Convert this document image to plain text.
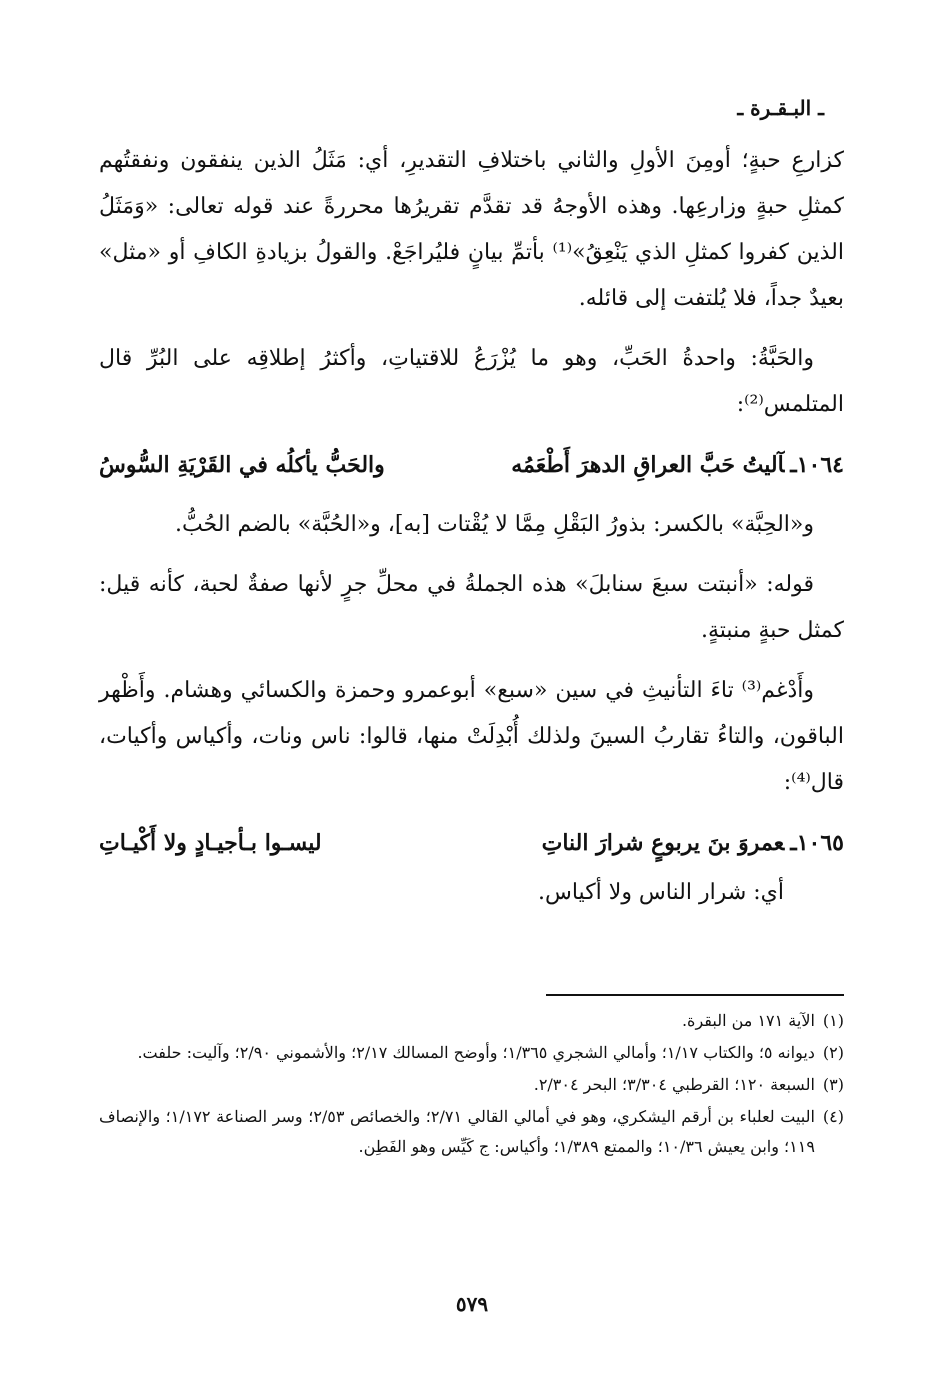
ـ البـقـرة ـ

كزارعِ حبةٍ؛ أومِنَ الأولِ والثاني باختلافِ التقديرِ، أي: مَثَلُ الذين ينفقون ونفقتُهم كمثلِ حبةٍ وزارعِها. وهذه الأوجهُ قد تقدَّم تقريرُها محررةً عند قوله تعالى: «وَمَثَلُ الذين كفروا كمثلِ الذي يَنْعِقُ»⁽¹⁾ بأتمِّ بيانٍ فليُراجَعْ. والقولُ بزيادةِ الكافِ أو «مثل» بعيدٌ جداً، فلا يُلتفت إلى قائله.

والحَبَّةُ: واحدةُ الحَبِّ، وهو ما يُزْرَعُ للاقتياتِ، وأكثرُ إطلاقِه على البُرِّ قال المتلمس⁽²⁾:

١٠٦٤ـآليتُ حَبَّ العراقِ الدهرَ أَطْعَمُه
والحَبُّ يأكلُه في القَرْيَةِ السُّوسُ

و«الحِبَّة» بالكسر: بذورُ البَقْلِ مِمَّا لا يُقْتات [به]، و«الحُبَّة» بالضم الحُبُّ.

قوله: «أنبتت سبعَ سنابلَ» هذه الجملةُ في محلِّ جرٍ لأنها صفةٌ لحبة، كأنه قيل: كمثل حبةٍ منبتةٍ.

وأَدْغم⁽³⁾ تاءَ التأنيثِ في سين «سبع» أبوعمرو وحمزة والكسائي وهشام. وأَظْهر الباقون، والتاءُ تقاربُ السينَ ولذلك أُبْدِلَتْ منها، قالوا: ناس ونات، وأكياس وأكيات، قال⁽⁴⁾:

١٠٦٥ـعمروَ بنَ يربوعٍ شرارَ الناتِ
ليسـوا بـأجيـادٍ ولا أَكْيـاتِ

أي: شرار الناس ولا أكياس.

(١)
الآية ١٧١ من البقرة.
(٢)
ديوانه ٥؛ والكتاب ١/١٧؛ وأمالي الشجري ١/٣٦٥؛ وأوضح المسالك ٢/١٧؛ والأشموني ٢/٩٠؛ وآليت: حلفت.
(٣)
السبعة ١٢٠؛ القرطبي ٣/٣٠٤؛ البحر ٢/٣٠٤.
(٤)
البيت لعلباء بن أرقم اليشكري، وهو في أمالي القالي ٢/٧١؛ والخصائص ٢/٥٣؛ وسر الصناعة ١/١٧٢؛ والإنصاف ١١٩؛ وابن يعيش ١٠/٣٦؛ والممتع ١/٣٨٩؛ وأكياس: ج كَيِّس وهو الفَطِن.
٥٧٩
